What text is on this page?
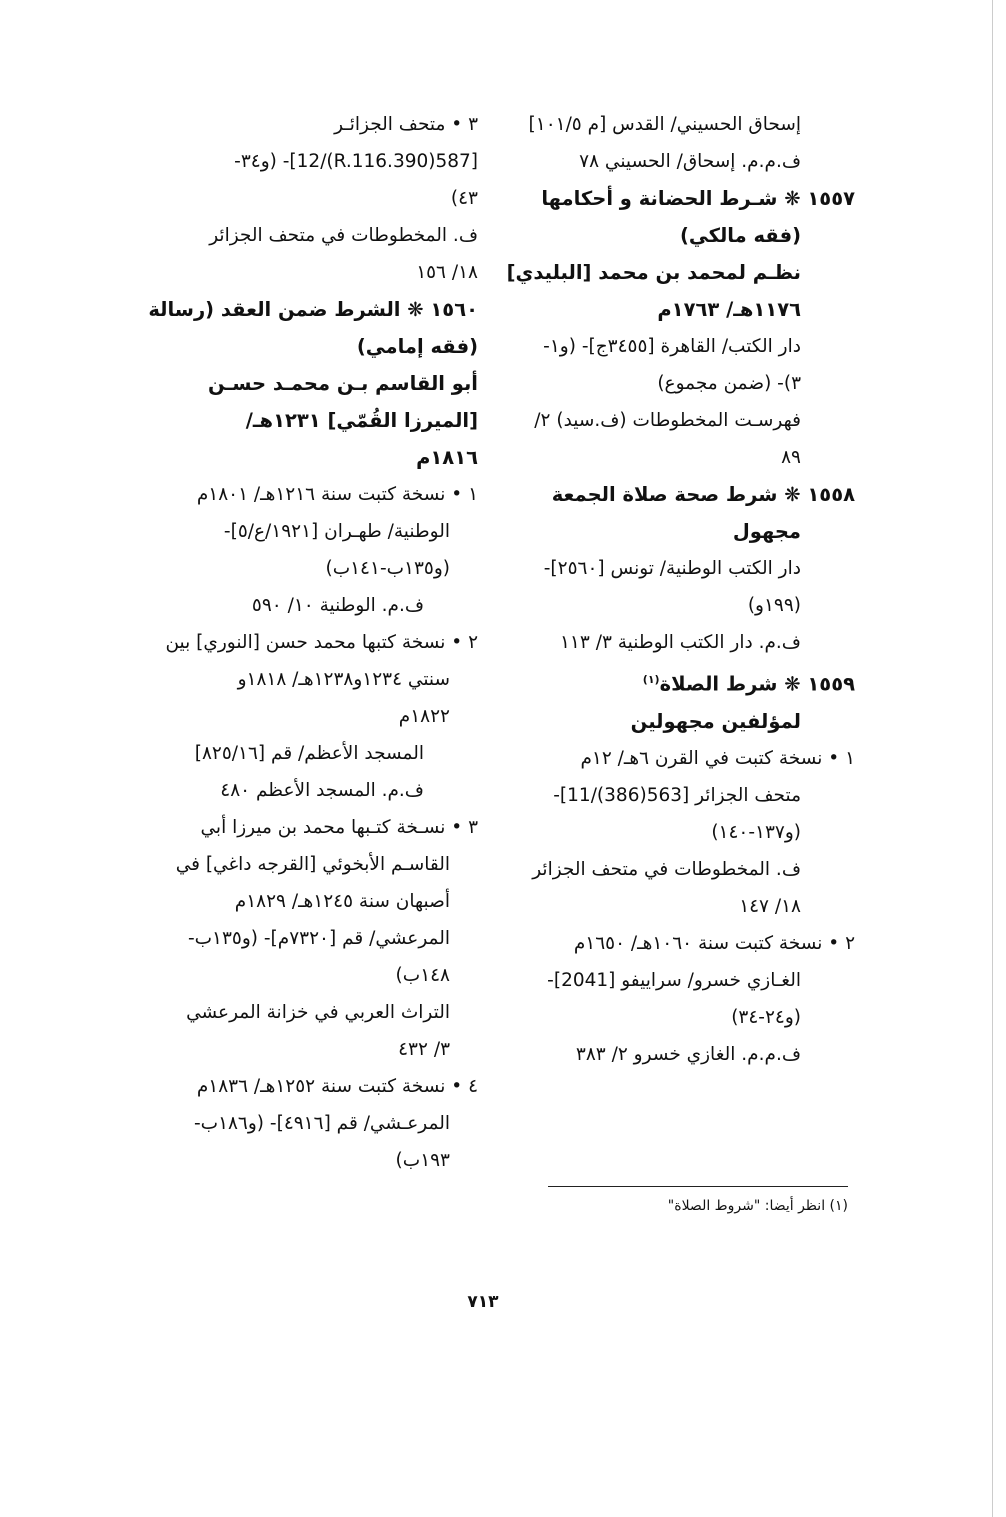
إسحاق الحسيني/ القدس [م ١٠١/٥]

ف.م.م. إسحاق/ الحسيني ٧٨

١٥٥٧ ❋ شـرط الحضانة و أحكامها

(فقه مالكي)

نظـم لمحمد بن محمد [البليدي]

١١٧٦هـ/ ١٧٦٣م

دار الكتب/ القاهرة [٣٤٥٥ج]- (و١-

٣)- (ضمن مجموع)

فهرسـت المخطوطات (ف.سيد) ٢/

٨٩

١٥٥٨ ❋ شرط صحة صلاة الجمعة

مجهول

دار الكتب الوطنية/ تونس [٢٥٦٠]-

(١٩٩و)

ف.م. دار الكتب الوطنية ٣/ ١١٣

١٥٥٩ ❋ شرط الصلاة$^{(١)}$

لمؤلفين مجهولين

١ • نسخة كتبت في القرن ٦هـ/ ١٢م

متحف الجزائر [563(386)/11]-

(و١٣٧-١٤٠)

ف. المخطوطات في متحف الجزائر

١٨/ ١٤٧

٢ • نسخة كتبت سنة ١٠٦٠هـ/ ١٦٥٠م

الغـازي خسرو/ سراييفو [2041]-

(و٢٤-٣٤)

ف.م.م. الغازي خسرو ٢/ ٣٨٣

٣ • متحف الجزائـر

[587(390.R.116)/12]- (و٣٤-

٤٣)

ف. المخطوطات في متحف الجزائر

١٨/ ١٥٦

١٥٦٠ ❋ الشرط ضمن العقد (رسالة

(فقه إمامي)

أبو القاسم بـن محمـد حسـن

[الميرزا القُمّي] ١٢٣١هـ/

١٨١٦م

١ • نسخة كتبت سنة ١٢١٦هـ/ ١٨٠١م

الوطنية/ طهـران [١٩٢١/ع/٥]-

(و١٣٥ب-١٤١ب)

ف.م. الوطنية ١٠/ ٥٩٠

٢ • نسخة كتبها محمد حسن [النوري] بين

سنتي ١٢٣٤و١٢٣٨هـ/ ١٨١٨و

١٨٢٢م

المسجد الأعظم/ قم [٨٢٥/١٦]

ف.م. المسجد الأعظم ٤٨٠

٣ • نسـخة كتـبها محمد بن ميرزا أبي

القاسـم الأبخوئي [القرجه داغي] في

أصبهان سنة ١٢٤٥هـ/ ١٨٢٩م

المرعشي/ قم [٧٣٢٠م]- (و١٣٥ب-

١٤٨ب)

التراث العربي في خزانة المرعشي

٣/ ٤٣٢

٤ • نسخة كتبت سنة ١٢٥٢هـ/ ١٨٣٦م

المرعـشي/ قم [٤٩١٦]- (و١٨٦ب-

١٩٣ب)

(١) انظر أيضا: "شروط الصلاة"

٧١٣
